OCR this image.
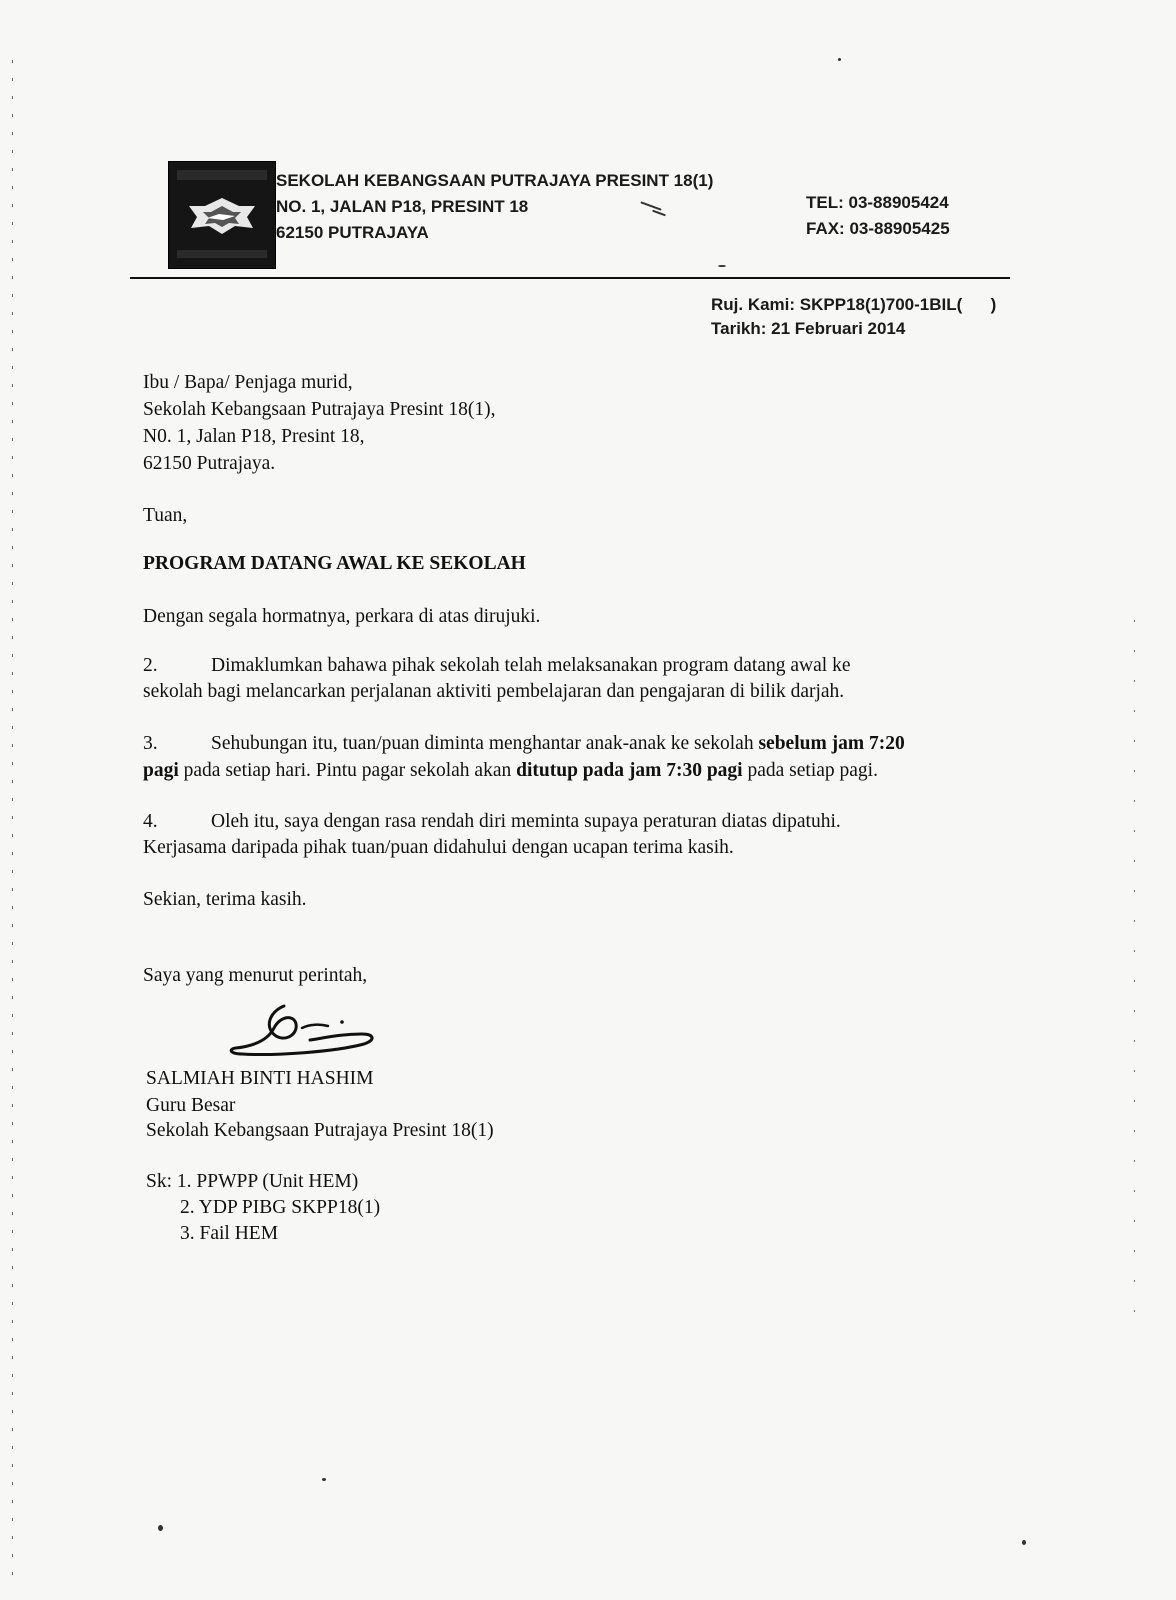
SEKOLAH KEBANGSAAN PUTRAJAYA PRESINT 18(1)
NO. 1, JALAN P18, PRESINT 18
62150 PUTRAJAYA
TEL: 03-88905424
FAX: 03-88905425
Ruj. Kami: SKPP18(1)700-1BIL(      )
Tarikh: 21 Februari 2014
Ibu / Bapa/ Penjaga murid,
Sekolah Kebangsaan Putrajaya Presint 18(1),
N0. 1, Jalan P18, Presint 18,
62150 Putrajaya.
Tuan,
PROGRAM DATANG AWAL KE SEKOLAH
Dengan segala hormatnya, perkara di atas dirujuki.
2.	Dimaklumkan bahawa pihak sekolah telah melaksanakan program datang awal ke
sekolah bagi melancarkan perjalanan aktiviti pembelajaran dan pengajaran di bilik darjah.
3.	Sehubungan itu, tuan/puan diminta menghantar anak-anak ke sekolah sebelum jam 7:20
pagi pada setiap hari. Pintu pagar sekolah akan ditutup pada jam 7:30 pagi pada setiap pagi.
4.	Oleh itu, saya dengan rasa rendah diri meminta supaya peraturan diatas dipatuhi.
Kerjasama daripada pihak tuan/puan didahului dengan ucapan terima kasih.
Sekian, terima kasih.
Saya yang menurut perintah,
SALMIAH BINTI HASHIM
Guru Besar
Sekolah Kebangsaan Putrajaya Presint 18(1)
Sk: 1. PPWPP (Unit HEM)
2. YDP PIBG SKPP18(1)
3. Fail HEM
